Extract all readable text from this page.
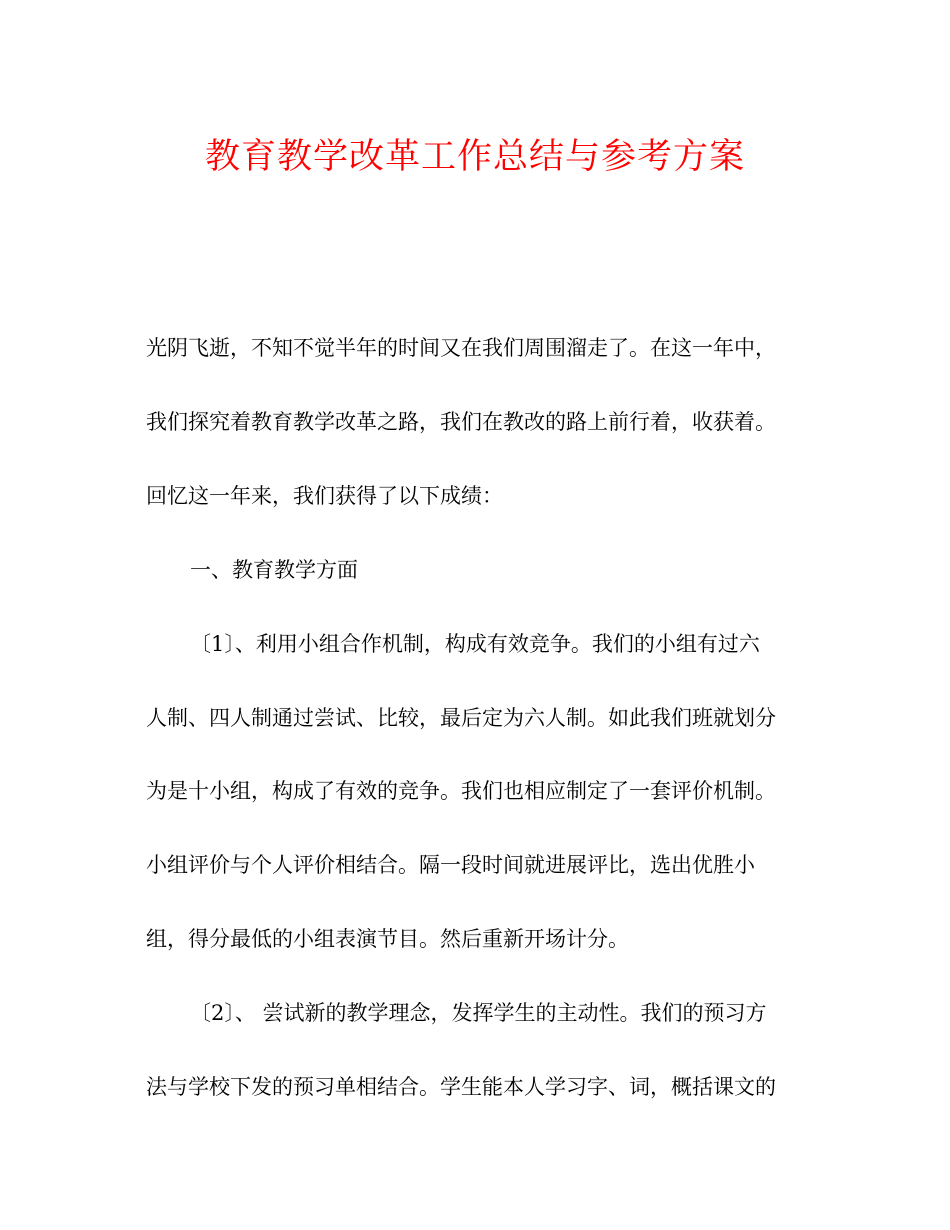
教育教学改革工作总结与参考方案

光阴飞逝，不知不觉半年的时间又在我们周围溜走了。在这一年中，

我们探究着教育教学改革之路，我们在教改的路上前行着，收获着。

回忆这一年来，我们获得了以下成绩：

一、教育教学方面

〔1〕、利用小组合作机制，构成有效竞争。我们的小组有过六

人制、四人制通过尝试、比较，最后定为六人制。如此我们班就划分

为是十小组，构成了有效的竞争。我们也相应制定了一套评价机制。

小组评价与个人评价相结合。隔一段时间就进展评比，选出优胜小

组，得分最低的小组表演节目。然后重新开场计分。

〔2〕、 尝试新的教学理念，发挥学生的主动性。我们的预习方

法与学校下发的预习单相结合。学生能本人学习字、词，概括课文的
